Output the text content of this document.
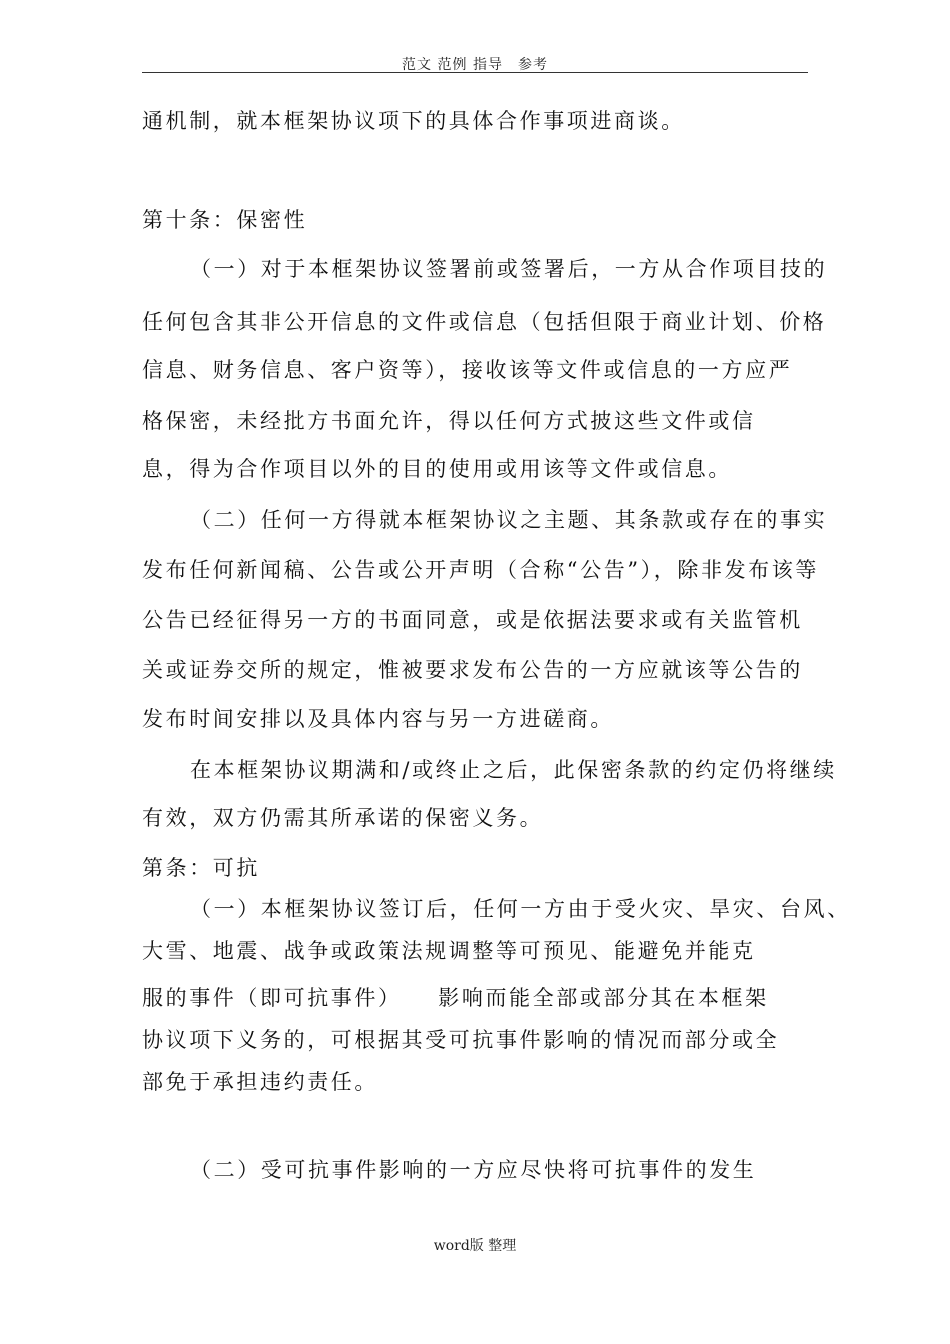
范文 范例 指导　参考
通机制，就本框架协议项下的具体合作事项进商谈。
第十条：保密性
（一）对于本框架协议签署前或签署后，一方从合作项目技的
任何包含其非公开信息的文件或信息（包括但限于商业计划、价格
信息、财务信息、客户资等），接收该等文件或信息的一方应严
格保密，未经批方书面允许，得以任何方式披这些文件或信
息，得为合作项目以外的目的使用或用该等文件或信息。
（二）任何一方得就本框架协议之主题、其条款或存在的事实
发布任何新闻稿、公告或公开声明（合称“公告”），除非发布该等
公告已经征得另一方的书面同意，或是依据法要求或有关监管机
关或证券交所的规定，惟被要求发布公告的一方应就该等公告的
发布时间安排以及具体内容与另一方进磋商。
在本框架协议期满和/或终止之后，此保密条款的约定仍将继续
有效，双方仍需其所承诺的保密义务。
第条：可抗
（一）本框架协议签订后，任何一方由于受火灾、旱灾、台风、
大雪、地震、战争或政策法规调整等可预见、能避免并能克
服的事件（即可抗事件）　　影响而能全部或部分其在本框架
协议项下义务的，可根据其受可抗事件影响的情况而部分或全
部免于承担违约责任。
（二）受可抗事件影响的一方应尽快将可抗事件的发生
word版 整理
